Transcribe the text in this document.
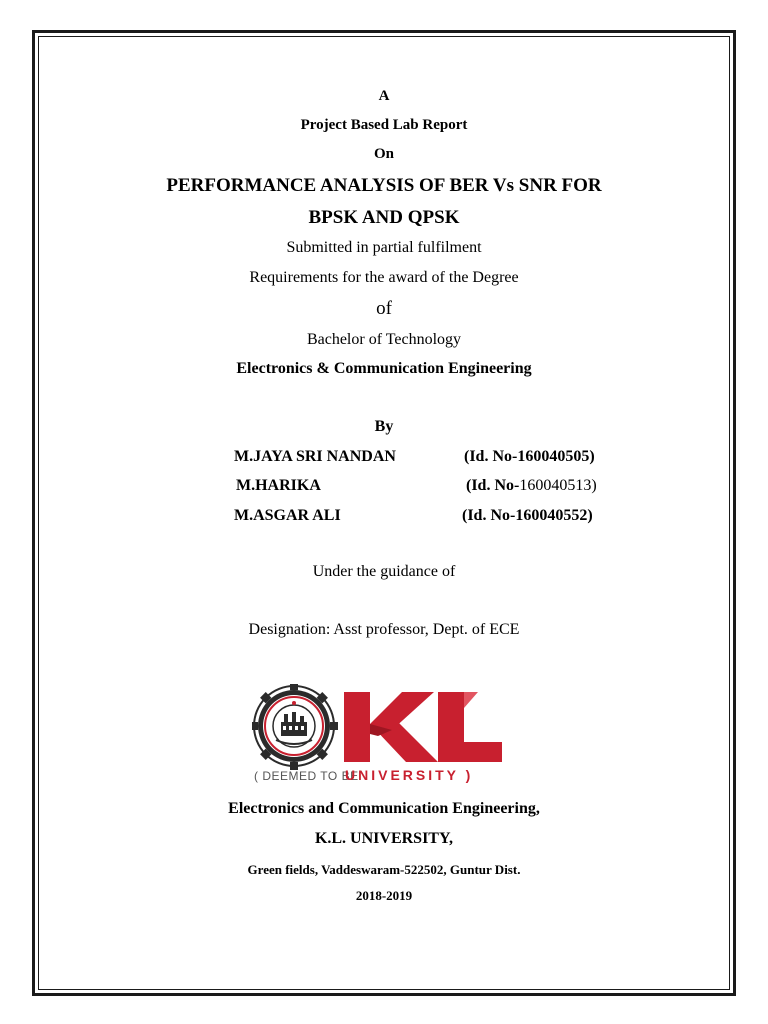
A
Project Based Lab Report
On
PERFORMANCE ANALYSIS OF BER Vs SNR FOR
BPSK AND QPSK
Submitted in partial fulfilment
Requirements for the award of the Degree
of
Bachelor of Technology
Electronics & Communication Engineering
By
M.JAYA SRI NANDAN	(Id. No-160040505)
M.HARIKA	(Id. No-160040513)
M.ASGAR ALI	(Id. No-160040552)
Under the guidance of
Designation: Asst professor, Dept. of ECE
( DEEMED TO BE
UNIVERSITY )
Electronics and Communication Engineering,
K.L. UNIVERSITY,
Green fields, Vaddeswaram-522502, Guntur Dist.
2018-2019
